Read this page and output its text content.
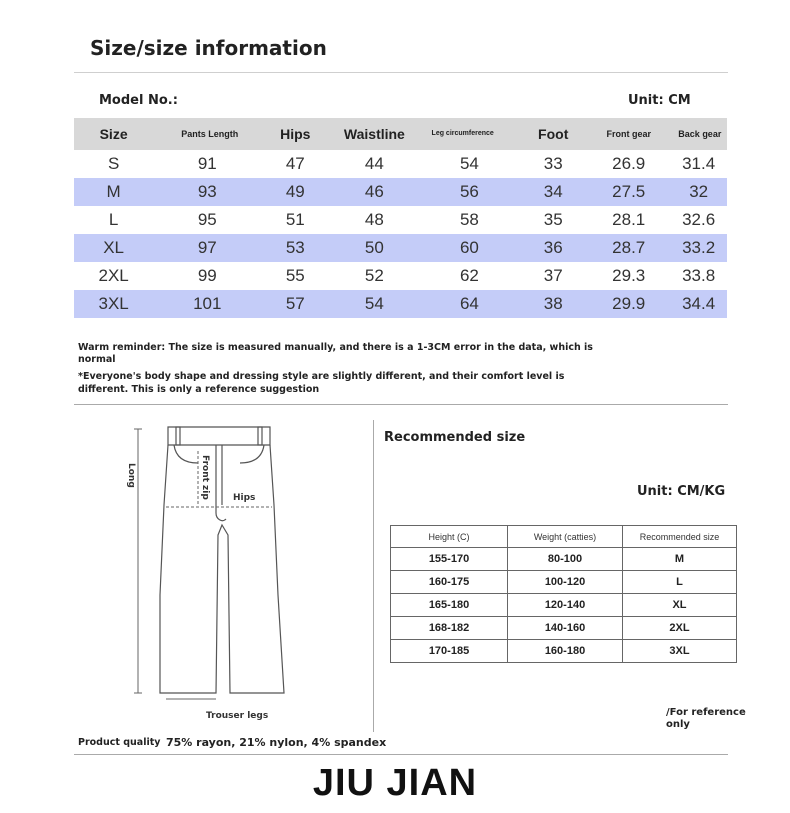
Size/size information
Model No.:	Unit: CM
Size	Pants Length	Hips	Waistline	Leg circumference	Foot	Front gear	Back gear
S	91	47	44	54	33	26.9	31.4
M	93	49	46	56	34	27.5	32
L	95	51	48	58	35	28.1	32.6
XL	97	53	50	60	36	28.7	33.2
2XL	99	55	52	62	37	29.3	33.8
3XL	101	57	54	64	38	29.9	34.4
Warm reminder: The size is measured manually, and there is a 1-3CM error in the data, which is
normal
*Everyone's body shape and dressing style are slightly different, and their comfort level is
different. This is only a reference suggestion
Long	Front zip	Hips
Trouser legs
Recommended size
Unit: CM/KG
Height (C)	Weight (catties)	Recommended size
155-170	80-100	M
160-175	100-120	L
165-180	120-140	XL
168-182	140-160	2XL
170-185	160-180	3XL
/For reference only
Product quality 75% rayon, 21% nylon, 4% spandex
JIU JIAN
